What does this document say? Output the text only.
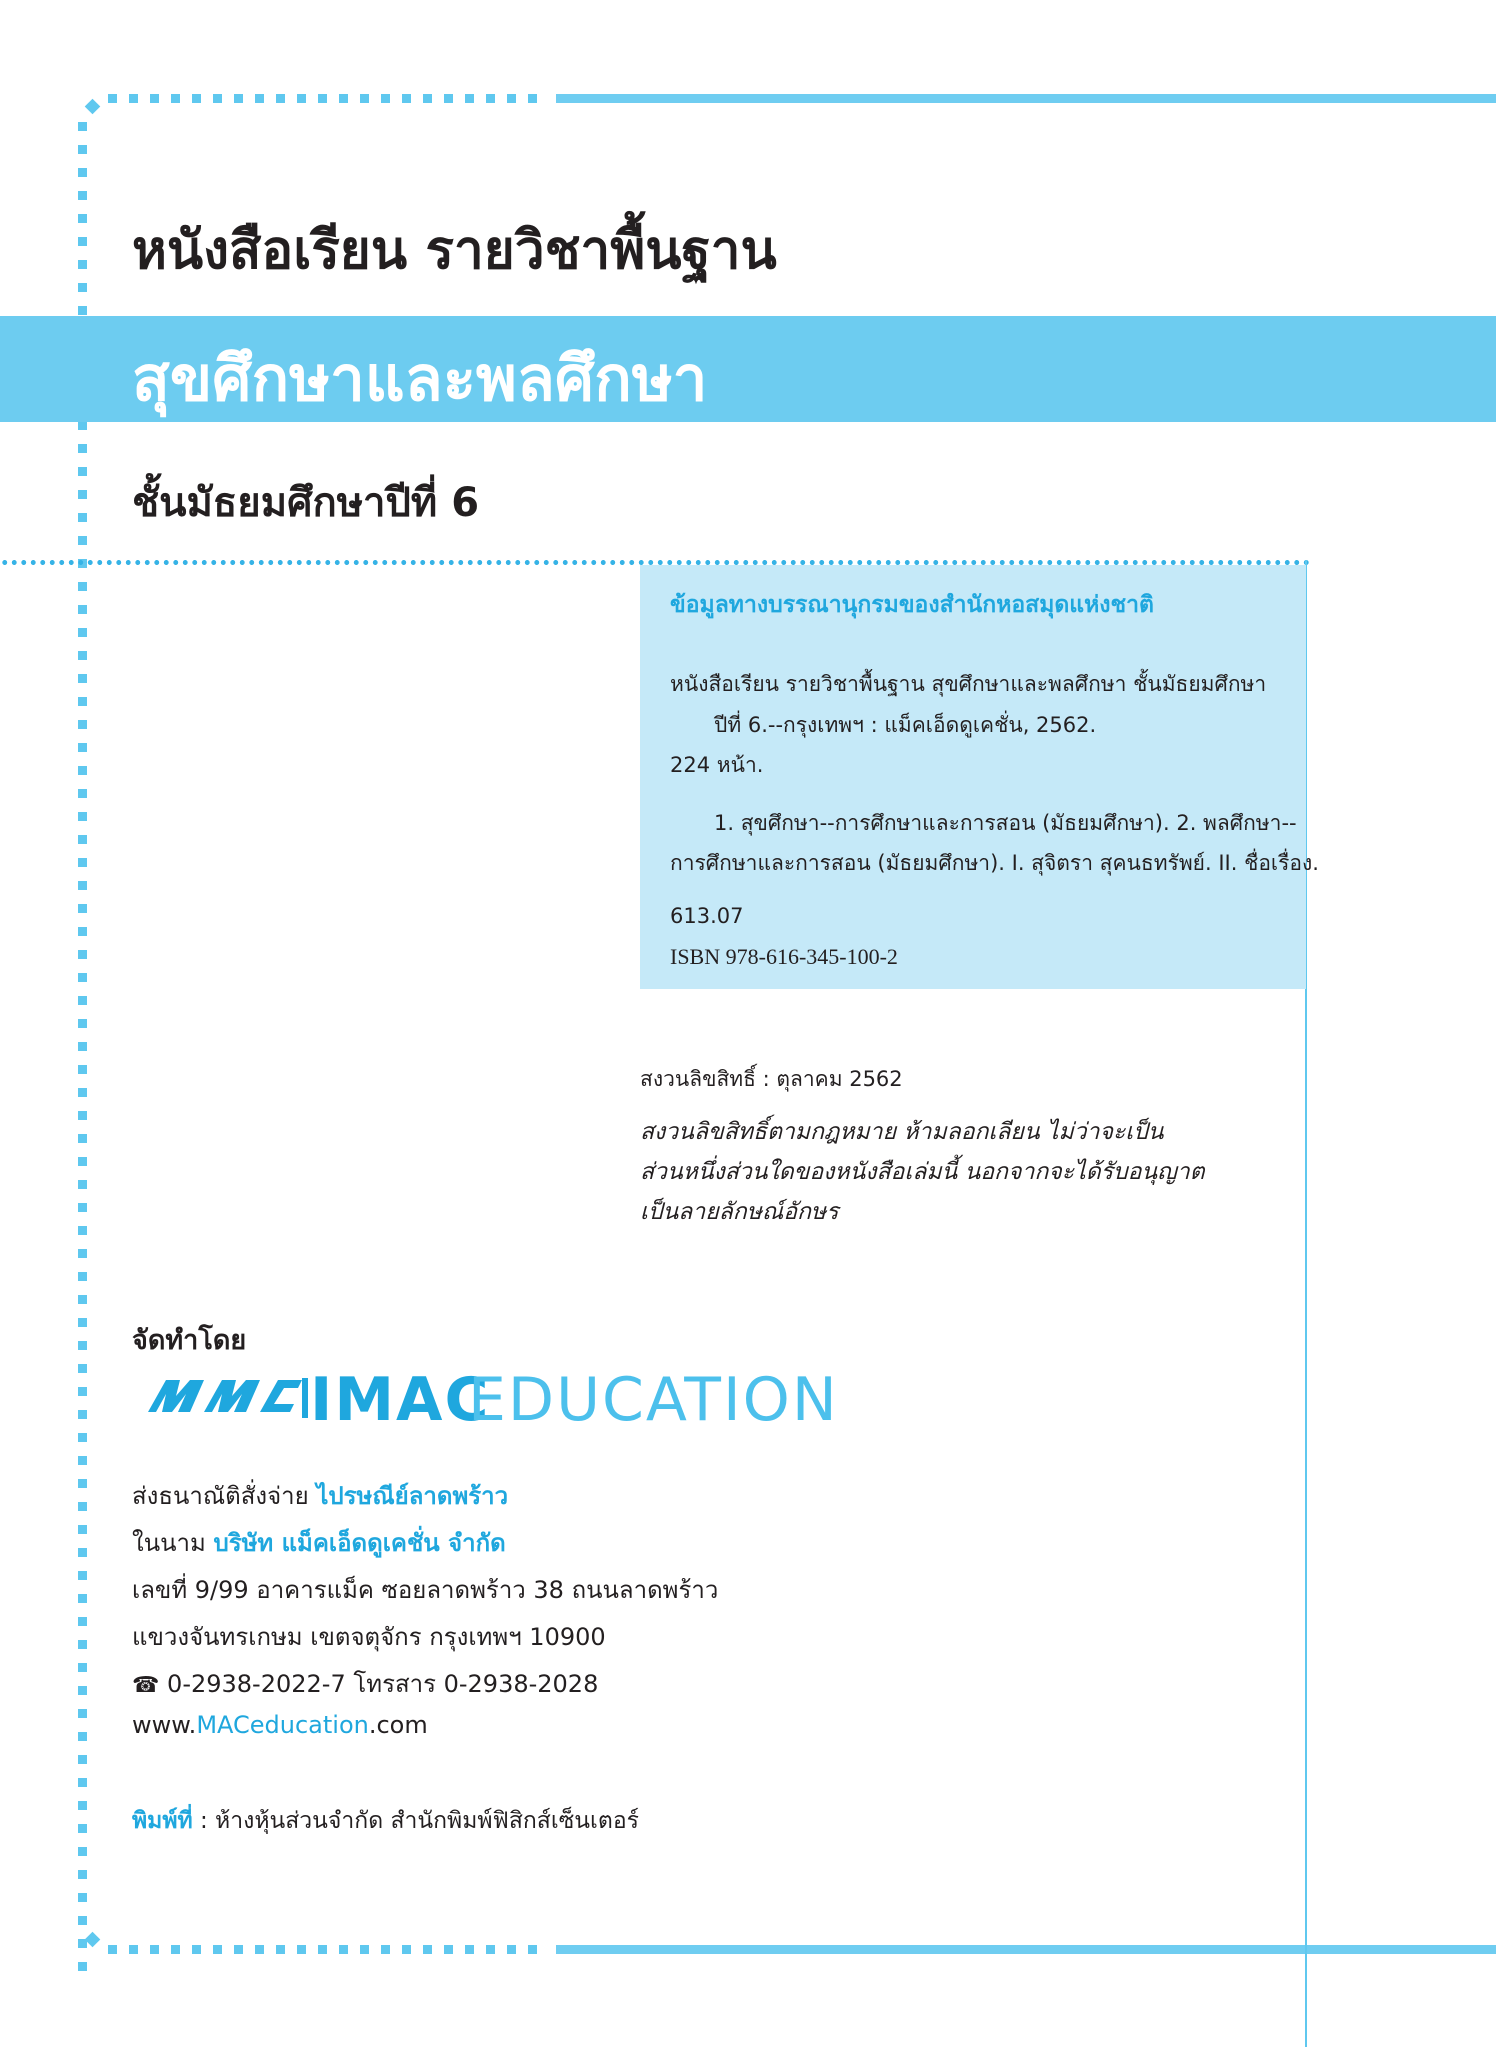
หนังสือเรียน รายวิชาพื้นฐาน
สุขศึกษาและพลศึกษา
ชั้นมัธยมศึกษาปีที่ 6
ข้อมูลทางบรรณานุกรมของสำนักหอสมุดแห่งชาติ
หนังสือเรียน รายวิชาพื้นฐาน สุขศึกษาและพลศึกษา ชั้นมัธยมศึกษา
ปีที่ 6.--กรุงเทพฯ : แม็คเอ็ดดูเคชั่น, 2562.
224 หน้า.
1. สุขศึกษา--การศึกษาและการสอน (มัธยมศึกษา). 2. พลศึกษา--
การศึกษาและการสอน (มัธยมศึกษา). I. สุจิตรา สุคนธทรัพย์. II. ชื่อเรื่อง.
613.07
ISBN 978-616-345-100-2
สงวนลิขสิทธิ์ : ตุลาคม 2562
สงวนลิขสิทธิ์ตามกฎหมาย ห้ามลอกเลียน ไม่ว่าจะเป็น
ส่วนหนึ่งส่วนใดของหนังสือเล่มนี้ นอกจากจะได้รับอนุญาต
เป็นลายลักษณ์อักษร
จัดทำโดย
IMAC
EDUCATION
ส่งธนาณัติสั่งจ่าย ไปรษณีย์ลาดพร้าว
ในนาม บริษัท แม็คเอ็ดดูเคชั่น จำกัด
เลขที่ 9/99 อาคารแม็ค ซอยลาดพร้าว 38 ถนนลาดพร้าว
แขวงจันทรเกษม เขตจตุจักร กรุงเทพฯ 10900
☎ 0-2938-2022-7 โทรสาร 0-2938-2028
www.MACeducation.com
พิมพ์ที่ : ห้างหุ้นส่วนจำกัด สำนักพิมพ์ฟิสิกส์เซ็นเตอร์
